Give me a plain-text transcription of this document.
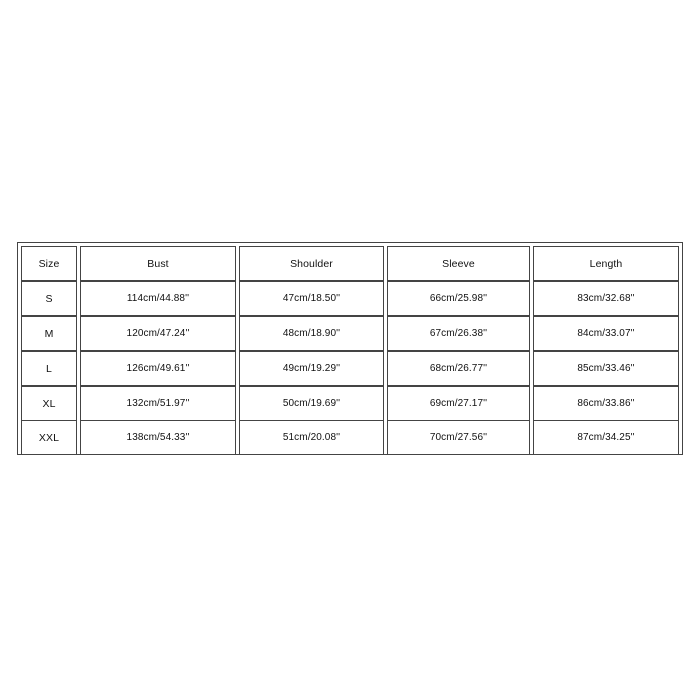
Size	Bust	Shoulder	Sleeve	Length
S	114cm/44.88''	47cm/18.50''	66cm/25.98''	83cm/32.68''
M	120cm/47.24''	48cm/18.90''	67cm/26.38''	84cm/33.07''
L	126cm/49.61''	49cm/19.29''	68cm/26.77''	85cm/33.46''
XL	132cm/51.97''	50cm/19.69''	69cm/27.17''	86cm/33.86''
XXL	138cm/54.33''	51cm/20.08''	70cm/27.56''	87cm/34.25''
